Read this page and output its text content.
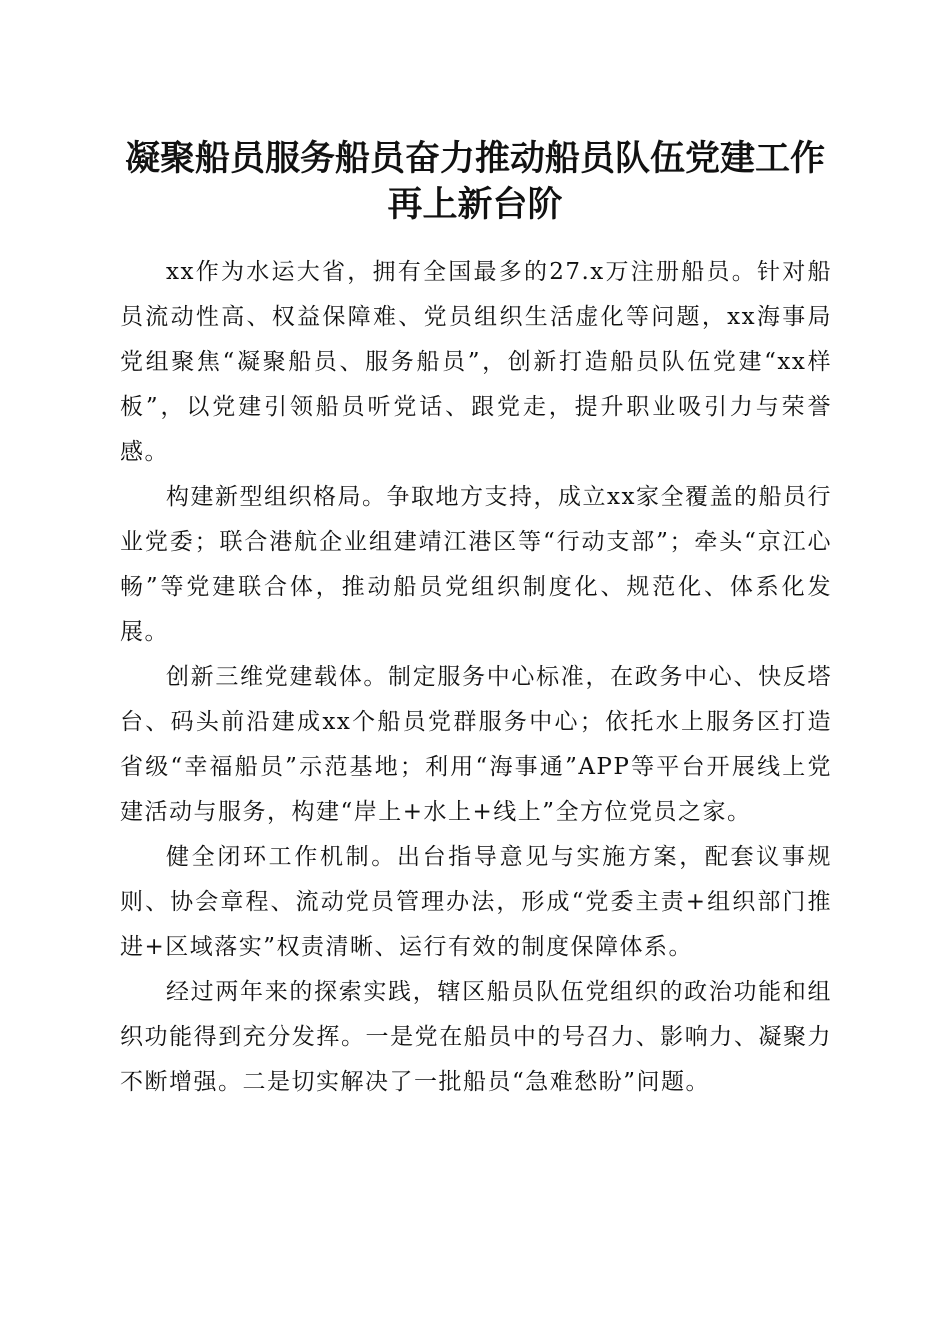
凝聚船员服务船员奋力推动船员队伍党建工作
再上新台阶

xx作为水运大省，拥有全国最多的27.x万注册船员。针对船员流动性高、权益保障难、党员组织生活虚化等问题，xx海事局党组聚焦“凝聚船员、服务船员”，创新打造船员队伍党建“xx样板”，以党建引领船员听党话、跟党走，提升职业吸引力与荣誉感。

构建新型组织格局。争取地方支持，成立xx家全覆盖的船员行业党委；联合港航企业组建靖江港区等“行动支部”；牵头“京江心畅”等党建联合体，推动船员党组织制度化、规范化、体系化发展。

创新三维党建载体。制定服务中心标准，在政务中心、快反塔台、码头前沿建成xx个船员党群服务中心；依托水上服务区打造省级“幸福船员”示范基地；利用“海事通”APP等平台开展线上党建活动与服务，构建“岸上+水上+线上”全方位党员之家。

健全闭环工作机制。出台指导意见与实施方案，配套议事规则、协会章程、流动党员管理办法，形成“党委主责+组织部门推进+区域落实”权责清晰、运行有效的制度保障体系。

经过两年来的探索实践，辖区船员队伍党组织的政治功能和组织功能得到充分发挥。一是党在船员中的号召力、影响力、凝聚力不断增强。二是切实解决了一批船员“急难愁盼”问题。
